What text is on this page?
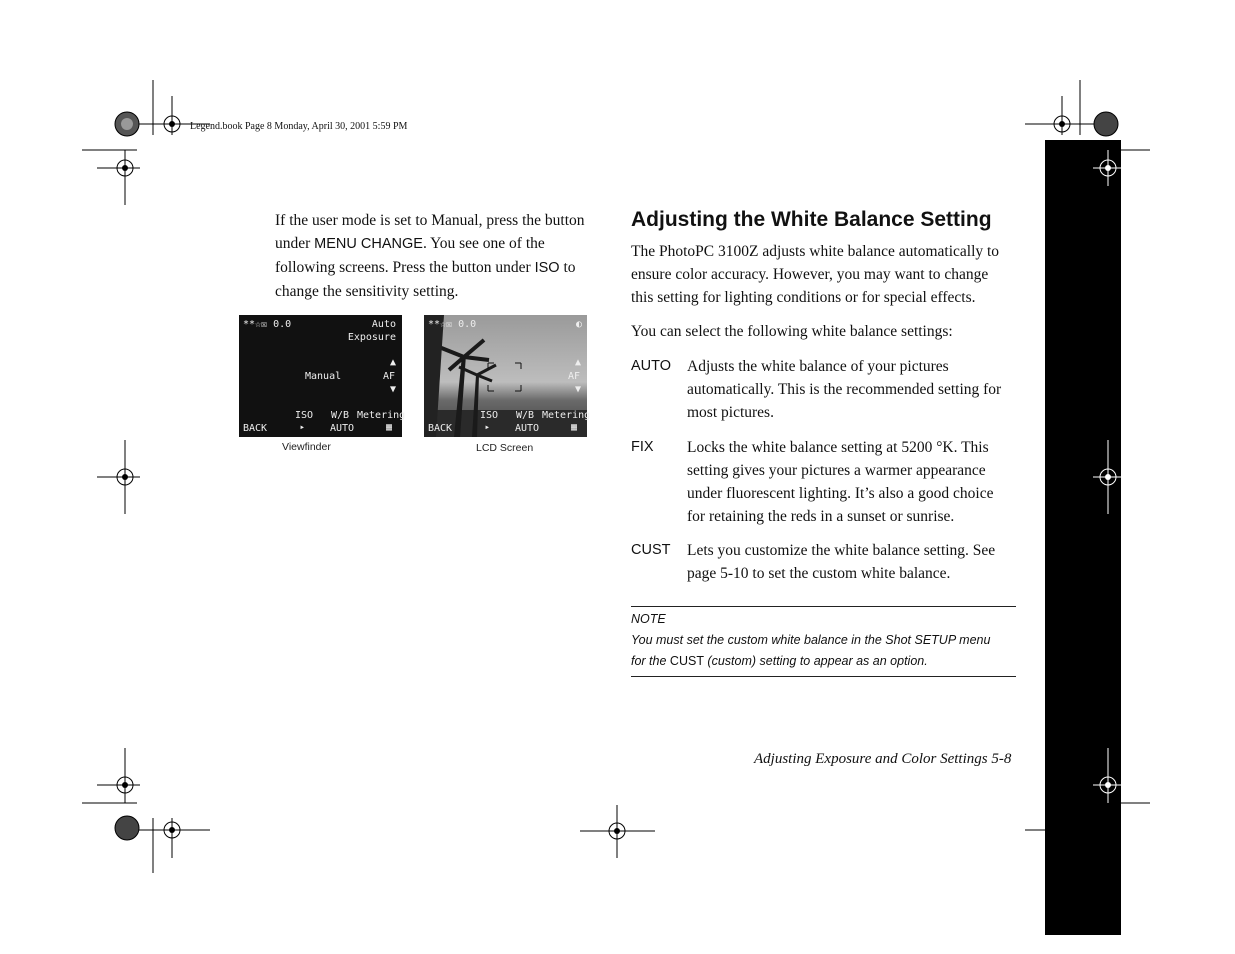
Legend.book Page 8 Monday, April 30, 2001 5:59 PM
If the user mode is set to Manual, press the button
under MENU CHANGE. You see one of the
following screens. Press the button under ISO to
change the sensitivity setting.
**☆☒ 0.0	Auto
Exposure
Manual
▲
AF
▼
ISO W/B Metering
BACK	‣ AUTO	▦
Viewfinder
**☆☒ 0.0	◐
▲
AF
▼
ISO W/B Metering
BACK	‣ AUTO	▦
LCD Screen
Adjusting the White Balance Setting
The PhotoPC 3100Z adjusts white balance automatically to
ensure color accuracy. However, you may want to change
this setting for lighting conditions or for special effects.
You can select the following white balance settings:
AUTO Adjusts the white balance of your pictures
automatically. This is the recommended setting for
most pictures.
FIX Locks the white balance setting at 5200 °K. This
setting gives your pictures a warmer appearance
under fluorescent lighting. It’s also a good choice
for retaining the reds in a sunset or sunrise.
CUST Lets you customize the white balance setting. See
page 5-10 to set the custom white balance.
NOTE
You must set the custom white balance in the Shot SETUP menu
for the CUST (custom) setting to appear as an option.
Adjusting Exposure and Color Settings 5-8
